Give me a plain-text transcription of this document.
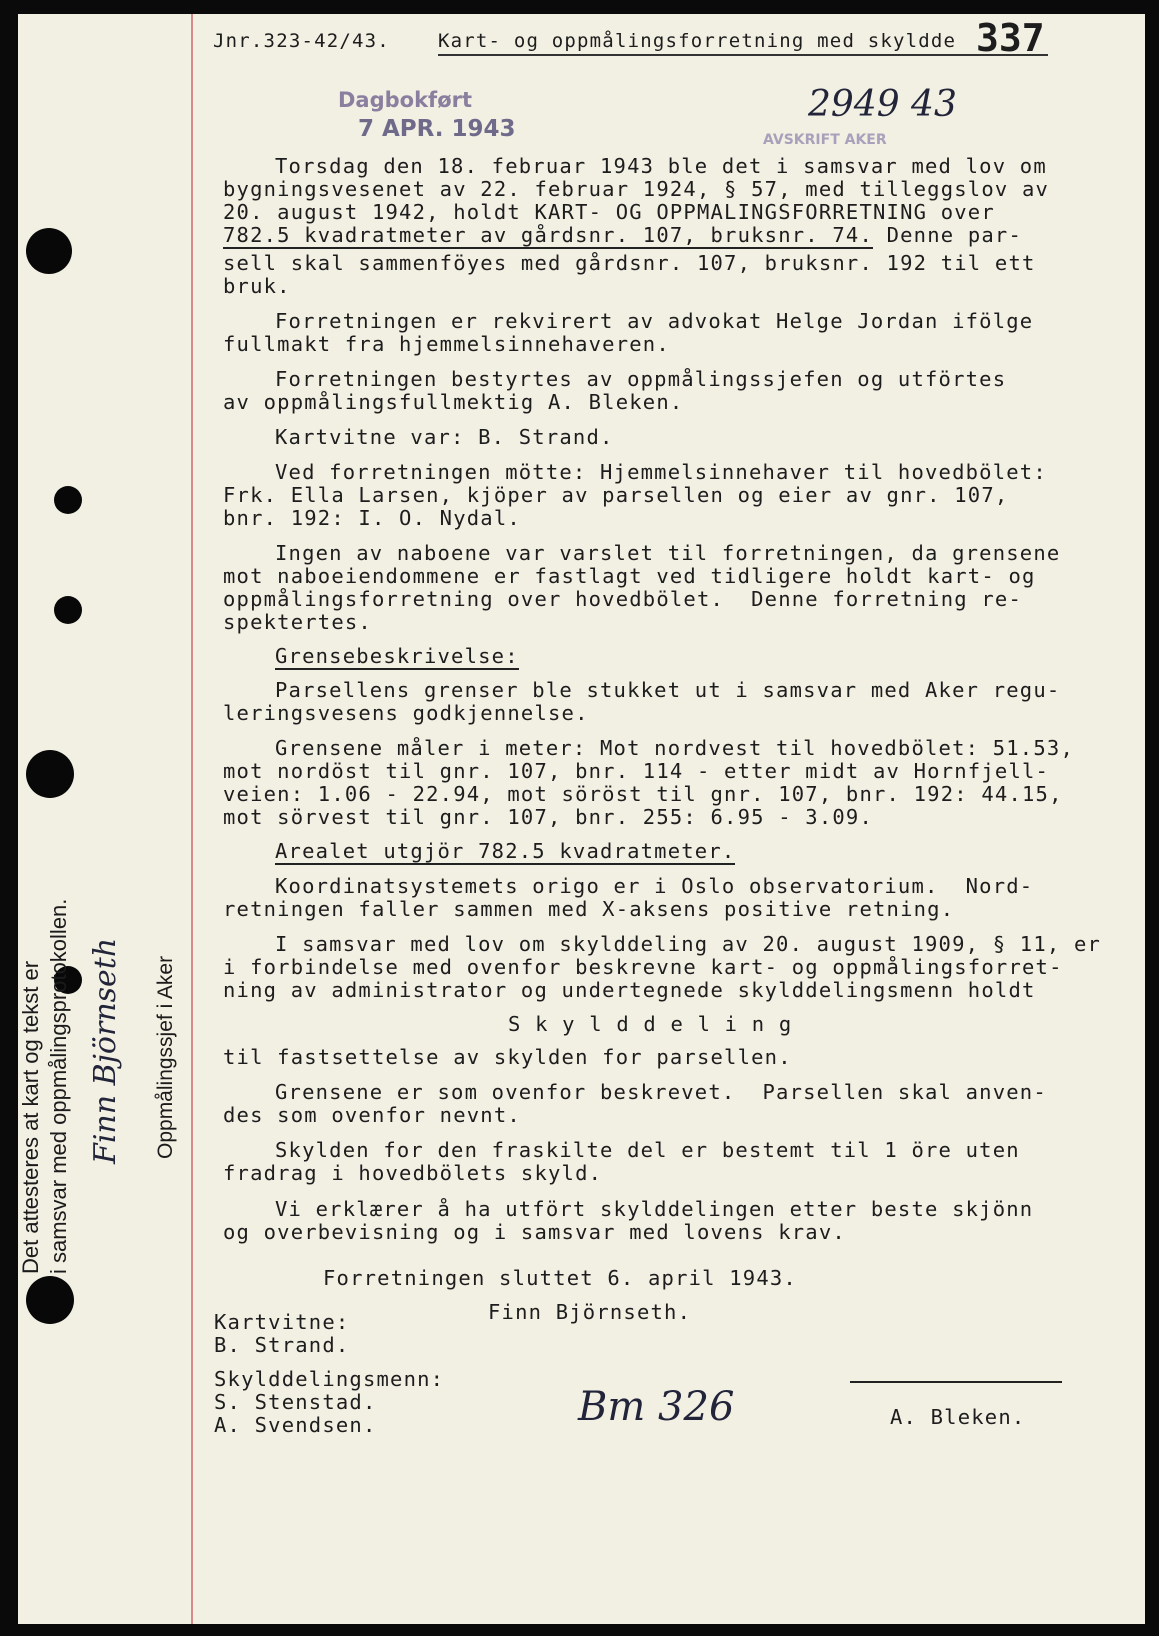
Jnr.323-42/43.	Kart- og oppmålingsforretning med skyldde 337
Dagbokført
7 APR. 1943	AVSKRIFT AKER
2949 43
Torsdag den 18. februar 1943 ble det i samsvar med lov om
bygningsvesenet av 22. februar 1924, § 57, med tilleggslov av
20. august 1942, holdt KART- OG OPPMALINGSFORRETNING over
782.5 kvadratmeter av gårdsnr. 107, bruksnr. 74. Denne par-
sell skal sammenföyes med gårdsnr. 107, bruksnr. 192 til ett
bruk.
Forretningen er rekvirert av advokat Helge Jordan ifölge
fullmakt fra hjemmelsinnehaveren.
Forretningen bestyrtes av oppmålingssjefen og utförtes
av oppmålingsfullmektig A. Bleken.
Kartvitne var: B. Strand.
Ved forretningen mötte: Hjemmelsinnehaver til hovedbölet:
Frk. Ella Larsen, kjöper av parsellen og eier av gnr. 107,
bnr. 192: I. O. Nydal.
Ingen av naboene var varslet til forretningen, da grensene
mot naboeiendommene er fastlagt ved tidligere holdt kart- og
oppmålingsforretning over hovedbölet.  Denne forretning re-
spektertes.
Grensebeskrivelse:
Parsellens grenser ble stukket ut i samsvar med Aker regu-
leringsvesens godkjennelse.
Grensene måler i meter: Mot nordvest til hovedbölet: 51.53,
mot nordöst til gnr. 107, bnr. 114 - etter midt av Hornfjell-
veien: 1.06 - 22.94, mot söröst til gnr. 107, bnr. 192: 44.15,
mot sörvest til gnr. 107, bnr. 255: 6.95 - 3.09.
Arealet utgjör 782.5 kvadratmeter.
Koordinatsystemets origo er i Oslo observatorium.  Nord-
retningen faller sammen med X-aksens positive retning.
I samsvar med lov om skylddeling av 20. august 1909, § 11, er
i forbindelse med ovenfor beskrevne kart- og oppmålingsforret-
ning av administrator og undertegnede skylddelingsmenn holdt
S k y l d d e l i n g
til fastsettelse av skylden for parsellen.
Grensene er som ovenfor beskrevet.  Parsellen skal anven-
des som ovenfor nevnt.
Skylden for den fraskilte del er bestemt til 1 öre uten
fradrag i hovedbölets skyld.
Vi erklærer å ha utfört skylddelingen etter beste skjönn
og overbevisning og i samsvar med lovens krav.
Forretningen sluttet 6. april 1943.
Finn Björnseth.
Kartvitne:
B. Strand.
Skylddelingsmenn:
S. Stenstad.
A. Svendsen.	Bm 326	A. Bleken.
Det attesteres at kart og tekst er i samsvar med oppmålingsprotokollen. Finn Björnseth Oppmålingssjef i Aker
